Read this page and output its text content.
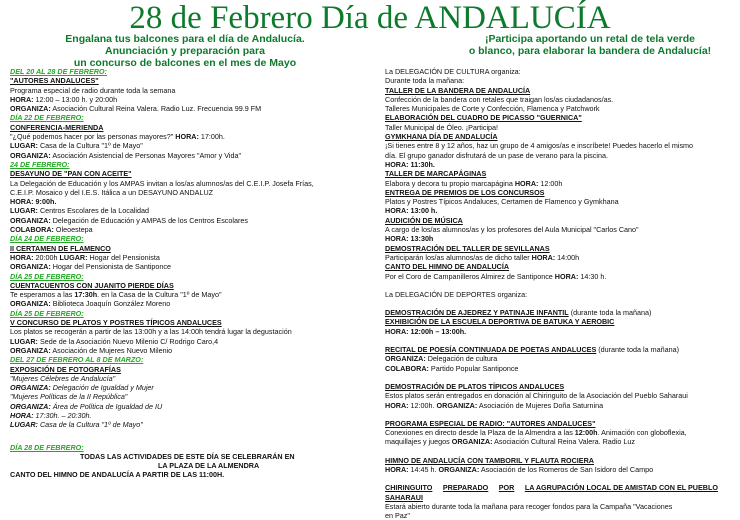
28 de Febrero Día de ANDALUCÍA
Engalana tus balcones para el día de Andalucía.
Anunciación y preparación para
un concurso de balcones en el mes de Mayo
¡Participa aportando un retal de tela verde
o blanco, para elaborar la bandera de Andalucía!
DEL 20 AL 28 DE FEBRERO:
"AUTORES ANDALUCES"
Programa especial de radio durante toda la semana
HORA: 12:00 – 13:00 h. y 20:00h
ORGANIZA: Asociación Cultural Reina Valera. Radio Luz. Frecuencia 99.9 FM
DÍA 22 DE FEBRERO:
CONFERENCIA-MERIENDA
"¿Qué podemos hacer por las personas mayores?" HORA: 17:00h.
LUGAR: Casa de la Cultura "1º de Mayo"
ORGANIZA: Asociación Asistencial de Personas Mayores "Amor y Vida"
24 DE FEBRERO:
DESAYUNO DE "PAN CON ACEITE"
La Delegación de Educación y los AMPAS invitan a los/as alumnos/as del C.E.I.P. Josefa Frías,
C.E.I.P. Mosaico y del I.E.S. Itálica a un DESAYUNO ANDALUZ
HORA: 9:00h.
LUGAR: Centros Escolares de la Localidad
ORGANIZA: Delegación de Educación y AMPAS de los Centros Escolares
COLABORA: Oleoestepa
DÍA 24 DE FEBRERO:
II CERTAMEN DE FLAMENCO
HORA: 20:00h LUGAR: Hogar del Pensionista
ORGANIZA: Hogar del Pensionista de Santiponce
DÍA 25 DE FEBRERO:
CUENTACUENTOS CON JUANITO PIERDE DÍAS
Te esperamos a las 17:30h. en la Casa de la Cultura "1º de Mayo"
ORGANIZA: Biblioteca Joaquín González Moreno
DÍA 25 DE FEBRERO:
V CONCURSO DE PLATOS Y POSTRES TÍPICOS ANDALUCES
Los platos se recogerán a partir de las 13:00h y a las 14:00h tendrá lugar la degustación
LUGAR: Sede de la Asociación Nuevo Milenio C/ Rodrigo Caro,4
ORGANIZA: Asociación de Mujeres Nuevo Milenio
DEL 27 DE FEBRERO AL 8 DE MARZO:
EXPOSICIÓN DE FOTOGRAFÍAS
"Mujeres Célebres de Andalucía"
ORGANIZA: Delegación de Igualdad y Mujer
"Mujeres Políticas de la II República"
ORGANIZA: Área de Política de Igualdad de IU
HORA: 17:30h. – 20:30h.
LUGAR: Casa de la Cultura "1º de Mayo"
DÍA 28 DE FEBRERO:
TODAS LAS ACTIVIDADES DE ESTE DÍA SE CELEBRARÁN EN
LA PLAZA DE LA ALMENDRA
CANTO DEL HIMNO DE ANDALUCÍA A PARTIR DE LAS 11:00H.
La DELEGACIÓN DE CULTURA organiza:
Durante toda la mañana:
TALLER DE LA BANDERA DE ANDALUCÍA
Confección de la bandera con retales que traigan los/as ciudadanos/as.
Talleres Municipales de Corte y Confección, Flamenca y Patchwork
ELABORACIÓN DEL CUADRO DE PICASSO "GUERNICA"
Taller Municipal de Óleo. ¡Participa!
GYMKHANA DÍA DE ANDALUCÍA
¡Si tienes entre 8 y 12 años, haz un grupo de 4 amigos/as e inscríbete! Puedes hacerlo el mismo
día. El grupo ganador disfrutará de un pase de verano para la piscina.
HORA: 11:30h.
TALLER DE MARCAPÁGINAS
Elabora y decora tu propio marcapágina HORA: 12:00h
ENTREGA DE PREMIOS DE LOS CONCURSOS
Platos y Postres Típicos Andaluces, Certamen de Flamenco y Gymkhana
HORA: 13:00 h.
AUDICIÓN DE MÚSICA
A cargo de los/as alumnos/as y los profesores del Aula Municipal "Carlos Cano"
HORA: 13:30h
DEMOSTRACIÓN DEL TALLER DE SEVILLANAS
Participarán los/as alumnos/as de dicho taller HORA: 14:00h
CANTO DEL HIMNO DE ANDALUCÍA
Por el Coro de Campanilleros Almirez de Santiponce HORA: 14:30 h.
La DELEGACIÓN DE DEPORTES organiza:
DEMOSTRACIÓN DE AJEDREZ Y PATINAJE INFANTIL (durante toda la mañana)
EXHIBICIÓN DE LA ESCUELA DEPORTIVA DE BATUKA Y AEROBIC
HORA: 12:00h – 13:00h.
RECITAL DE POESÍA CONTINUADA DE POETAS ANDALUCES (durante toda la mañana)
ORGANIZA: Delegación de cultura
COLABORA: Partido Popular Santiponce
DEMOSTRACIÓN DE PLATOS TÍPICOS ANDALUCES
Estos platos serán entregados en donación al Chiringuito de la Asociación del Pueblo Saharaui
HORA: 12:00h. ORGANIZA: Asociación de Mujeres Doña Saturnina
PROGRAMA ESPECIAL DE RADIO: "AUTORES ANDALUCES"
Conexiones en directo desde la Plaza de la Almendra a las 12:00h. Animación con globoflexia,
maquillajes y juegos ORGANIZA: Asociación Cultural Reina Valera. Radio Luz
HIMNO DE ANDALUCÍA CON TAMBORIL Y FLAUTA ROCIERA
HORA: 14:45 h. ORGANIZA: Asociación de los Romeros de San Isidoro del Campo
CHIRINGUITO PREPARADO POR LA AGRUPACIÓN LOCAL DE AMISTAD CON EL PUEBLO
SAHARAUI
Estará abierto durante toda la mañana para recoger fondos para la Campaña "Vacaciones
en Paz"
